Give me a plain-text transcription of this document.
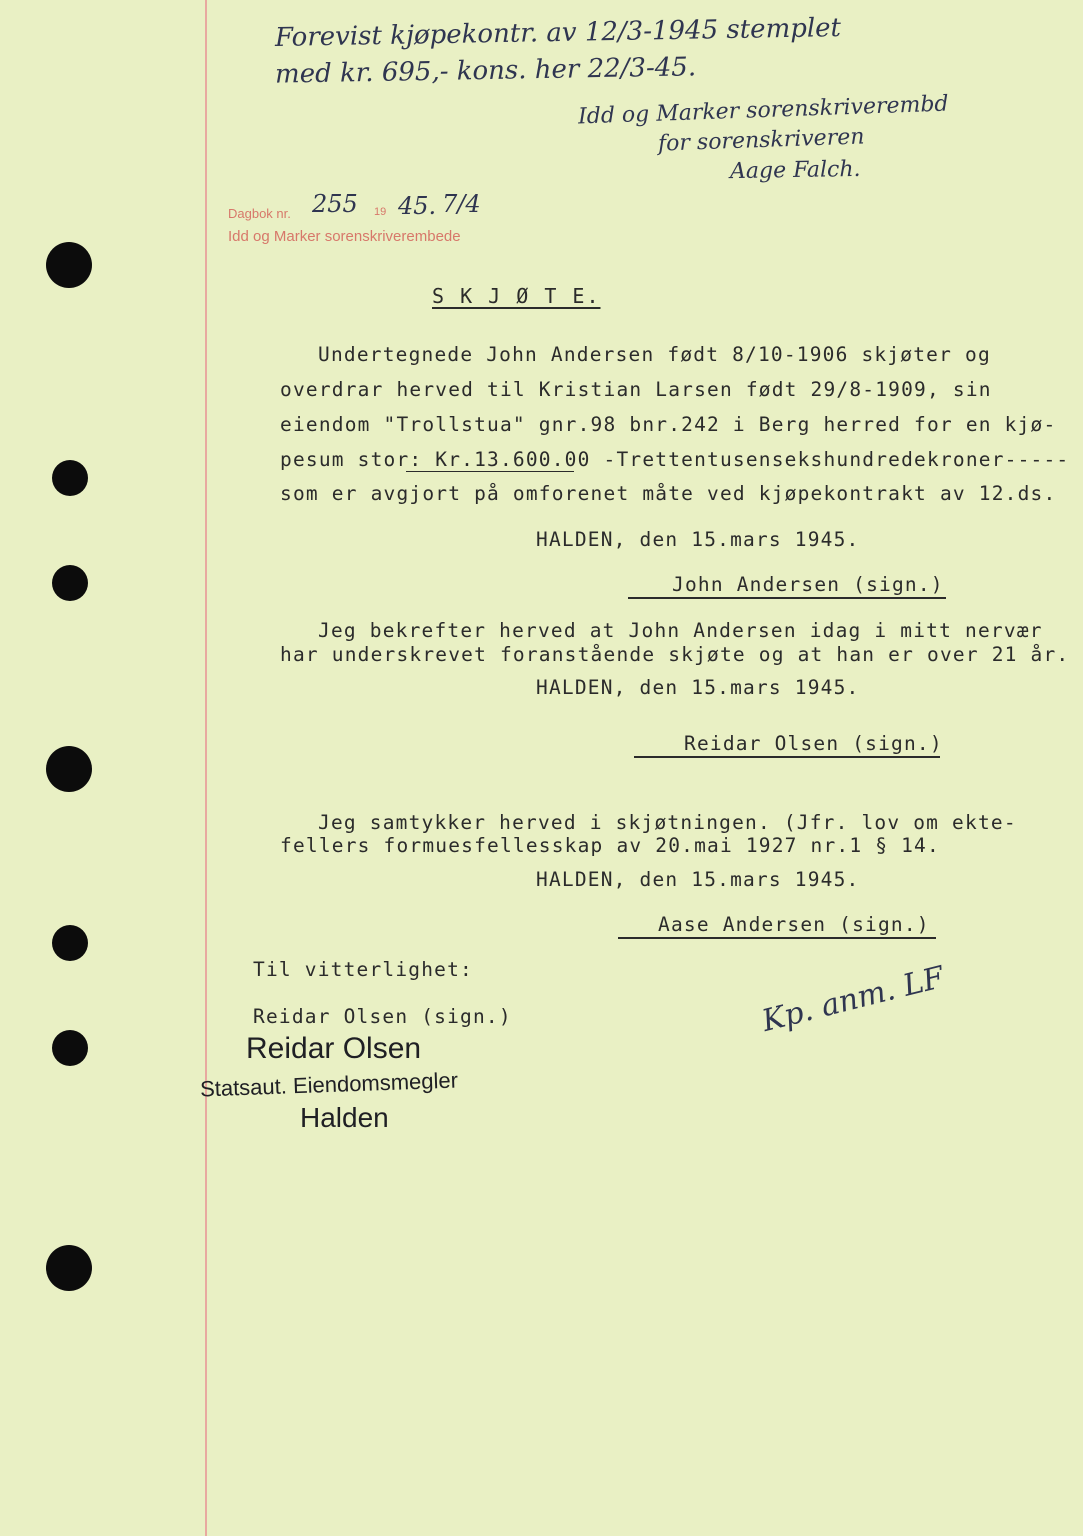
Forevist kjøpekontr. av 12/3-1945 stemplet
med kr. 695,- kons. her 22/3-45.
Idd og Marker sorenskriverembd
for sorenskriveren
Aage Falch.
Dagbok nr. 255 19 45. 7/4
Idd og Marker sorenskriverembede
S K J Ø T E.
Undertegnede John Andersen født 8/10-1906 skjøter og
overdrar herved til Kristian Larsen født 29/8-1909, sin
eiendom "Trollstua" gnr.98 bnr.242 i Berg herred for en kjø-
pesum stor: Kr.13.600.00 -Trettentusensekshundredekroner-----
som er avgjort på omforenet måte ved kjøpekontrakt av 12.ds.
HALDEN, den 15.mars 1945.
John Andersen (sign.)
Jeg bekrefter herved at John Andersen idag i mitt nervær
har underskrevet foranstående skjøte og at han er over 21 år.
HALDEN, den 15.mars 1945.
Reidar Olsen (sign.)
Jeg samtykker herved i skjøtningen. (Jfr. lov om ekte-
fellers formuesfellesskap av 20.mai 1927 nr.1 § 14.
HALDEN, den 15.mars 1945.
Aase Andersen (sign.)
Til vitterlighet:
Reidar Olsen (sign.)
Reidar Olsen
Statsaut. Eiendomsmegler
Halden
Kp. anm. LF
